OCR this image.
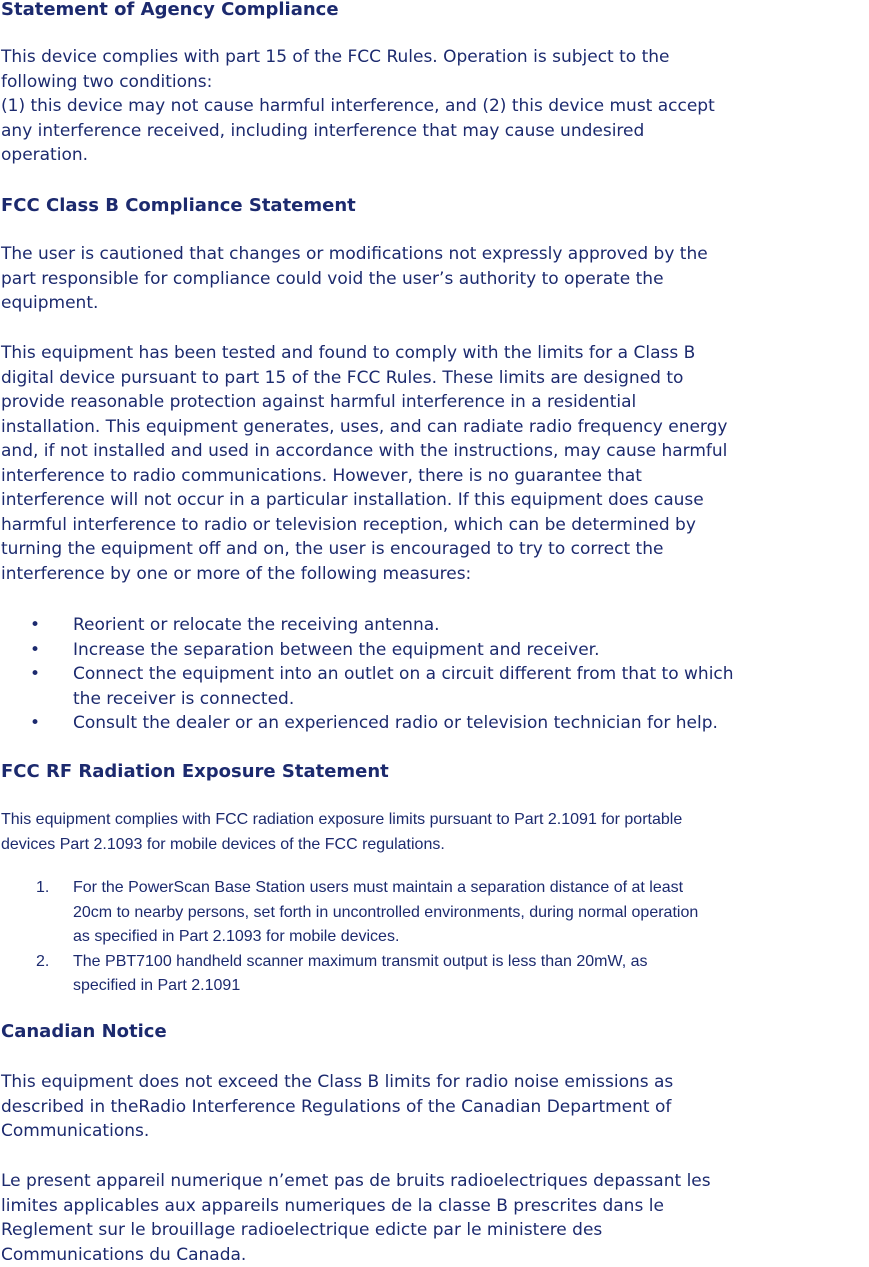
Statement of Agency Compliance
This device complies with part 15 of the FCC Rules. Operation is subject to the
following two conditions:
(1) this device may not cause harmful interference, and (2) this device must accept
any interference received, including interference that may cause undesired
operation.
FCC Class B Compliance Statement
The user is cautioned that changes or modifications not expressly approved by the
part responsible for compliance could void the user’s authority to operate the
equipment.
This equipment has been tested and found to comply with the limits for a Class B
digital device pursuant to part 15 of the FCC Rules. These limits are designed to
provide reasonable protection against harmful interference in a residential
installation. This equipment generates, uses, and can radiate radio frequency energy
and, if not installed and used in accordance with the instructions, may cause harmful
interference to radio communications. However, there is no guarantee that
interference will not occur in a particular installation. If this equipment does cause
harmful interference to radio or television reception, which can be determined by
turning the equipment off and on, the user is encouraged to try to correct the
interference by one or more of the following measures:
• Reorient or relocate the receiving antenna.
• Increase the separation between the equipment and receiver.
• Connect the equipment into an outlet on a circuit different from that to which
the receiver is connected.
• Consult the dealer or an experienced radio or television technician for help.
FCC RF Radiation Exposure Statement
This equipment complies with FCC radiation exposure limits pursuant to Part 2.1091 for portable
devices Part 2.1093 for mobile devices of the FCC regulations.
1. For the PowerScan Base Station users must maintain a separation distance of at least
20cm to nearby persons, set forth in uncontrolled environments, during normal operation
as specified in Part 2.1093 for mobile devices.
2. The PBT7100 handheld scanner maximum transmit output is less than 20mW, as
specified in Part 2.1091
Canadian Notice
This equipment does not exceed the Class B limits for radio noise emissions as
described in theRadio Interference Regulations of the Canadian Department of
Communications.
Le present appareil numerique n’emet pas de bruits radioelectriques depassant les
limites applicables aux appareils numeriques de la classe B prescrites dans le
Reglement sur le brouillage radioelectrique edicte par le ministere des
Communications du Canada.
